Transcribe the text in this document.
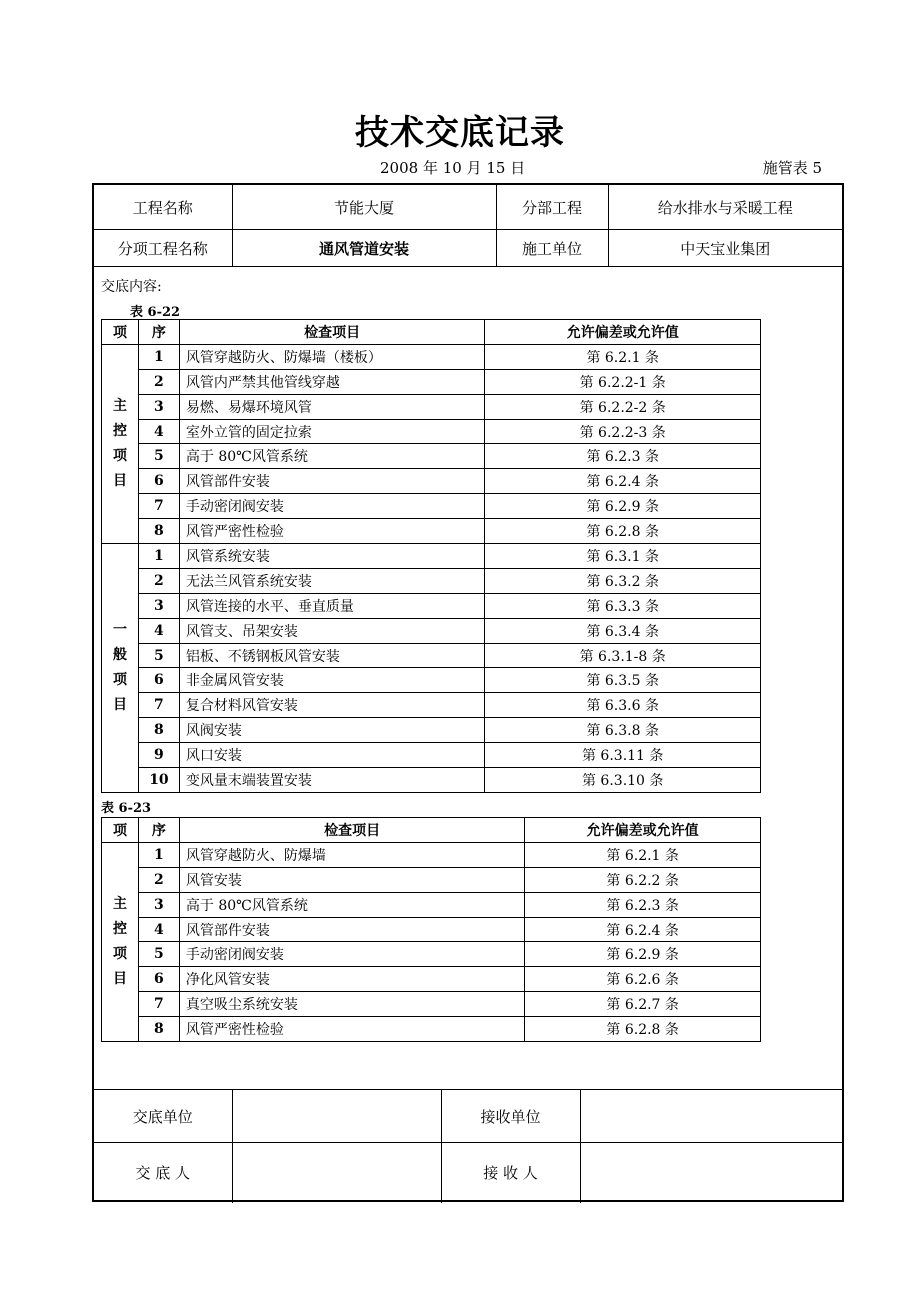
技术交底记录
2008 年 10 月 15 日	施管表 5
工程名称	节能大厦	分部工程	给水排水与采暖工程
分项工程名称	通风管道安装	施工单位	中天宝业集团
交底内容:
表 6-22
项	序	检查项目	允许偏差或允许值
主
控
项
目	1	风管穿越防火、防爆墙（楼板）	第 6.2.1 条
	2	风管内严禁其他管线穿越	第 6.2.2-1 条
	3	易燃、易爆环境风管	第 6.2.2-2 条
	4	室外立管的固定拉索	第 6.2.2-3 条
	5	高于 80℃风管系统	第 6.2.3 条
	6	风管部件安装	第 6.2.4 条
	7	手动密闭阀安装	第 6.2.9 条
	8	风管严密性检验	第 6.2.8 条
一
般
项
目	1	风管系统安装	第 6.3.1 条
	2	无法兰风管系统安装	第 6.3.2 条
	3	风管连接的水平、垂直质量	第 6.3.3 条
	4	风管支、吊架安装	第 6.3.4 条
	5	铝板、不锈钢板风管安装	第 6.3.1-8 条
	6	非金属风管安装	第 6.3.5 条
	7	复合材料风管安装	第 6.3.6 条
	8	风阀安装	第 6.3.8 条
	9	风口安装	第 6.3.11 条
	10	变风量末端装置安装	第 6.3.10 条
表 6-23
项	序	检查项目	允许偏差或允许值
主
控
项
目	1	风管穿越防火、防爆墙	第 6.2.1 条
	2	风管安装	第 6.2.2 条
	3	高于 80℃风管系统	第 6.2.3 条
	4	风管部件安装	第 6.2.4 条
	5	手动密闭阀安装	第 6.2.9 条
	6	净化风管安装	第 6.2.6 条
	7	真空吸尘系统安装	第 6.2.7 条
	8	风管严密性检验	第 6.2.8 条
交底单位		接收单位	
交 底 人		接 收 人	
